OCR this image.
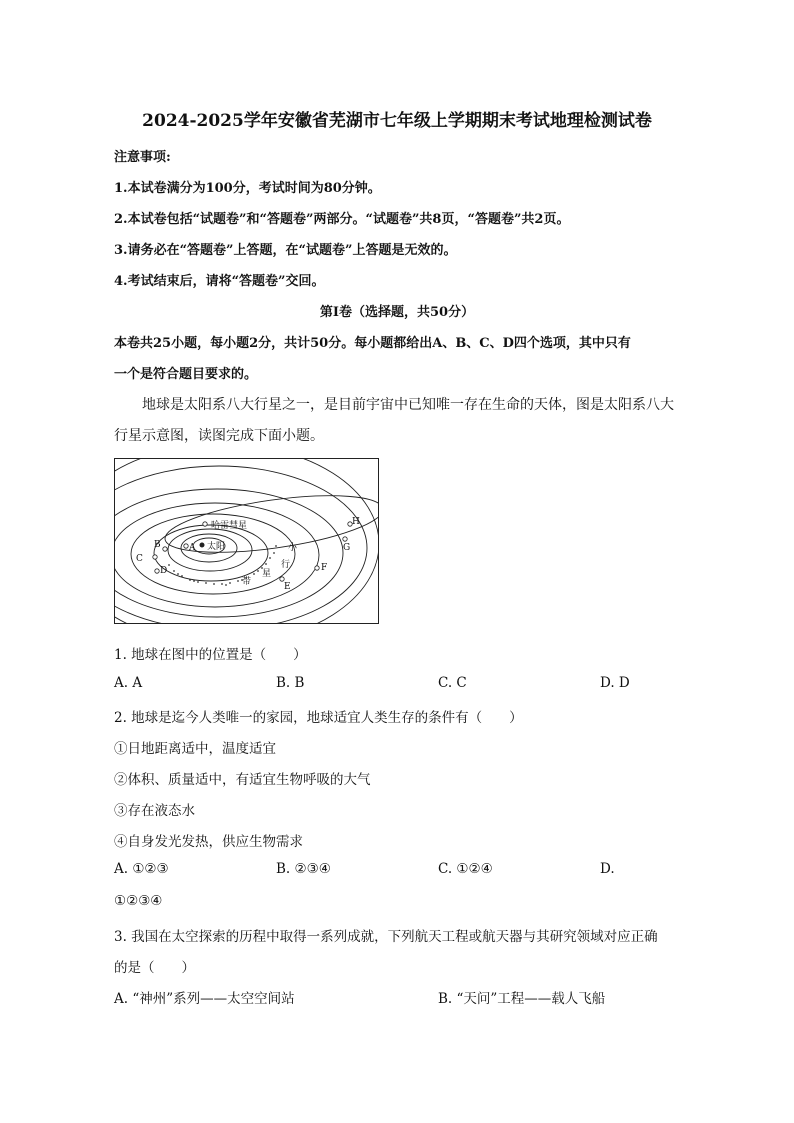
2024-2025学年安徽省芜湖市七年级上学期期末考试地理检测试卷
注意事项:
1.本试卷满分为100分，考试时间为80分钟。
2.本试卷包括“试题卷”和“答题卷”两部分。“试题卷”共8页，“答题卷”共2页。
3.请务必在“答题卷”上答题，在“试题卷”上答题是无效的。
4.考试结束后，请将“答题卷”交回。
第Ⅰ卷（选择题，共50分）
本卷共25小题，每小题2分，共计50分。每小题都给出A、B、C、D四个选项，其中只有
一个是符合题目要求的。
地球是太阳系八大行星之一，是目前宇宙中已知唯一存在生命的天体，图是太阳系八大
行星示意图，读图完成下面小题。
太阳
哈雷彗星
A
B
C
D
E
F
G
H
小
行
星
带
1. 地球在图中的位置是（　　）
A. A	B. B	C. C	D. D
2. 地球是迄今人类唯一的家园，地球适宜人类生存的条件有（　　）
①日地距离适中，温度适宜
②体积、质量适中，有适宜生物呼吸的大气
③存在液态水
④自身发光发热，供应生物需求
A. ①②③	B. ②③④	C. ①②④	D.
①②③④
3. 我国在太空探索的历程中取得一系列成就，下列航天工程或航天器与其研究领域对应正确
的是（　　）
A. “神州”系列——太空空间站	B. “天问”工程——载人飞船
